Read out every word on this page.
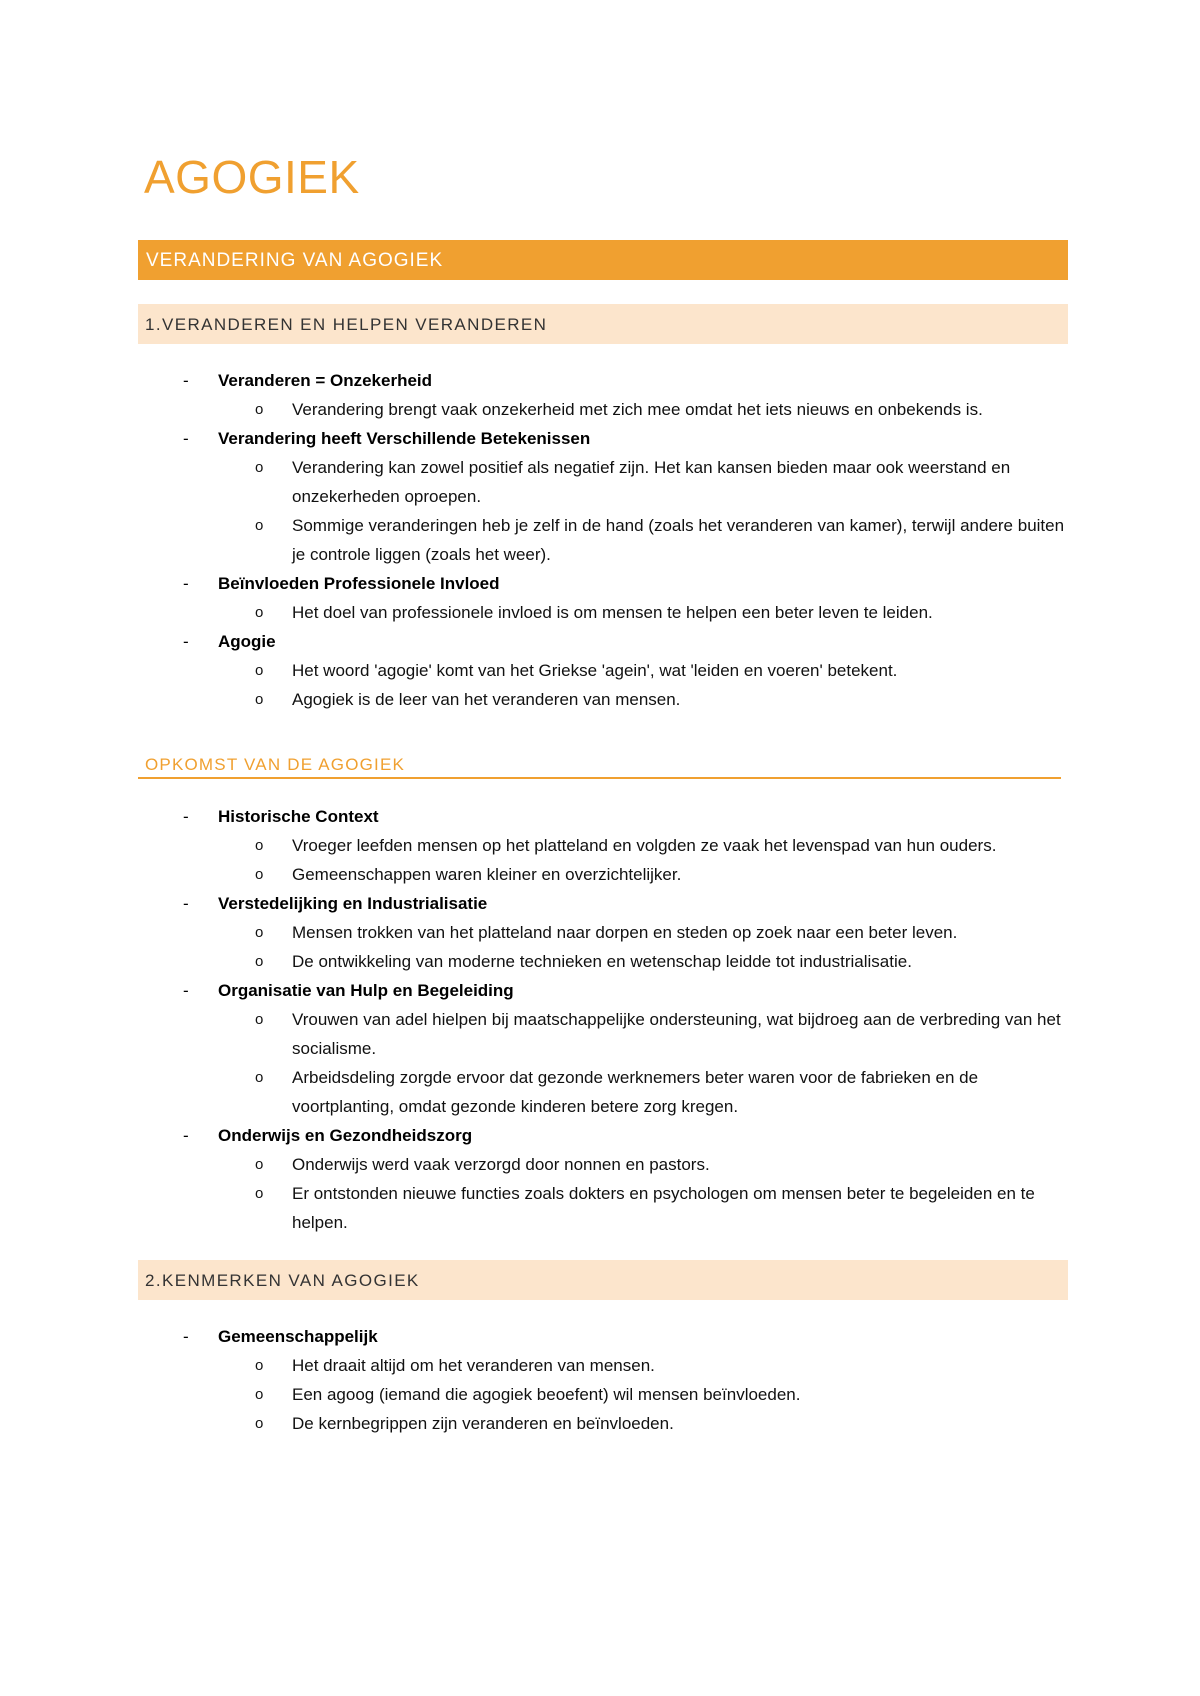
AGOGIEK
VERANDERING VAN AGOGIEK
1.VERANDEREN EN HELPEN VERANDEREN
- Veranderen = Onzekerheid
o Verandering brengt vaak onzekerheid met zich mee omdat het iets nieuws en onbekends is.
- Verandering heeft Verschillende Betekenissen
o Verandering kan zowel positief als negatief zijn. Het kan kansen bieden maar ook weerstand en onzekerheden oproepen.
o Sommige veranderingen heb je zelf in de hand (zoals het veranderen van kamer), terwijl andere buiten je controle liggen (zoals het weer).
- Beïnvloeden Professionele Invloed
o Het doel van professionele invloed is om mensen te helpen een beter leven te leiden.
- Agogie
o Het woord 'agogie' komt van het Griekse 'agein', wat 'leiden en voeren' betekent.
o Agogiek is de leer van het veranderen van mensen.
OPKOMST VAN DE AGOGIEK
- Historische Context
o Vroeger leefden mensen op het platteland en volgden ze vaak het levenspad van hun ouders.
o Gemeenschappen waren kleiner en overzichtelijker.
- Verstedelijking en Industrialisatie
o Mensen trokken van het platteland naar dorpen en steden op zoek naar een beter leven.
o De ontwikkeling van moderne technieken en wetenschap leidde tot industrialisatie.
- Organisatie van Hulp en Begeleiding
o Vrouwen van adel hielpen bij maatschappelijke ondersteuning, wat bijdroeg aan de verbreding van het socialisme.
o Arbeidsdeling zorgde ervoor dat gezonde werknemers beter waren voor de fabrieken en de voortplanting, omdat gezonde kinderen betere zorg kregen.
- Onderwijs en Gezondheidszorg
o Onderwijs werd vaak verzorgd door nonnen en pastors.
o Er ontstonden nieuwe functies zoals dokters en psychologen om mensen beter te begeleiden en te helpen.
2.KENMERKEN VAN AGOGIEK
- Gemeenschappelijk
o Het draait altijd om het veranderen van mensen.
o Een agoog (iemand die agogiek beoefent) wil mensen beïnvloeden.
o De kernbegrippen zijn veranderen en beïnvloeden.
